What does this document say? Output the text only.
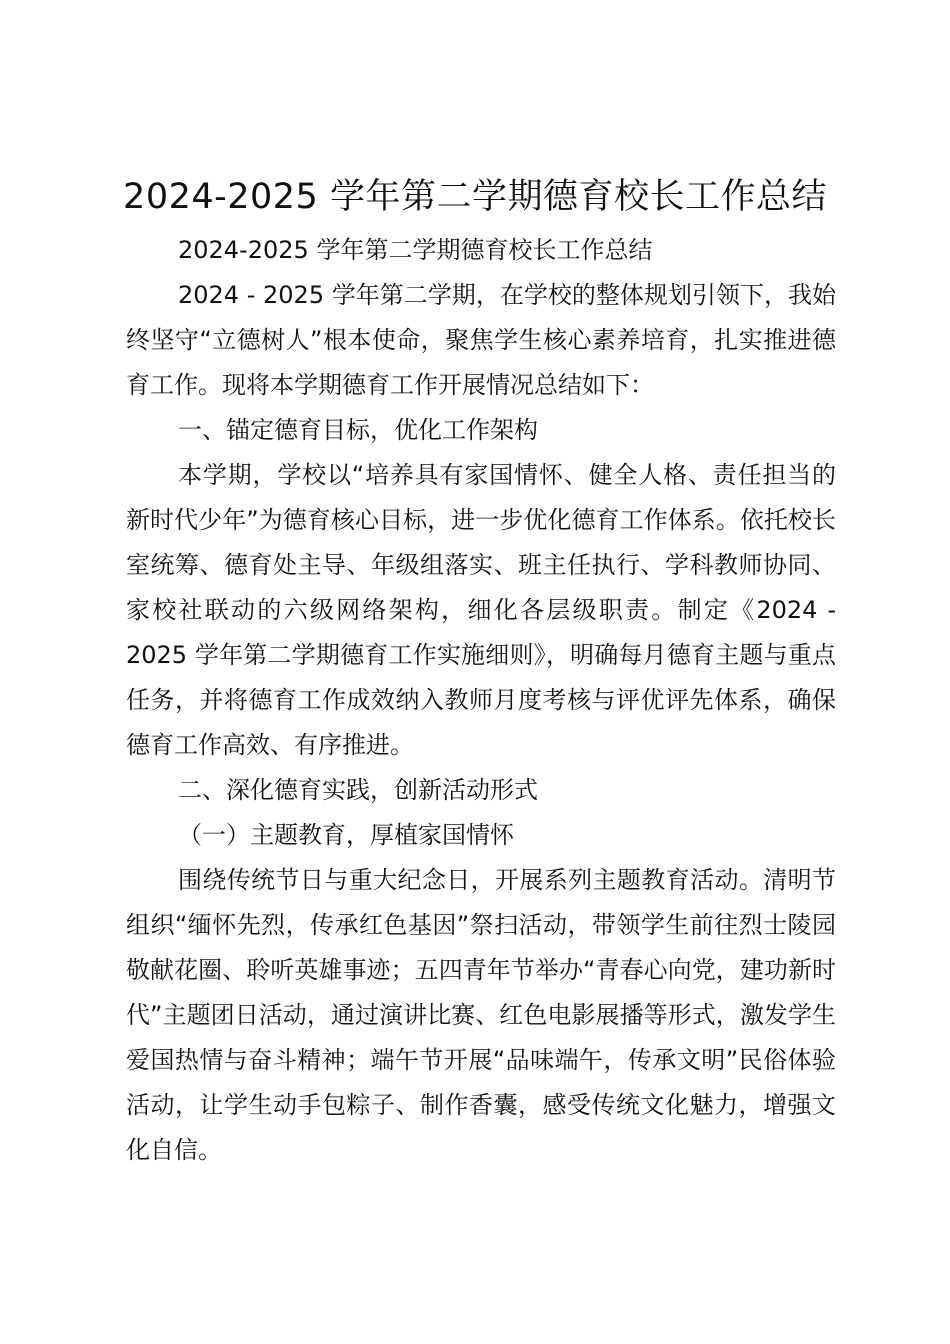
2024-2025 学年第二学期德育校长工作总结

2024-2025 学年第二学期德育校长工作总结

2024 - 2025 学年第二学期，在学校的整体规划引领下，我始终坚守“立德树人”根本使命，聚焦学生核心素养培育，扎实推进德育工作。现将本学期德育工作开展情况总结如下：

一、锚定德育目标，优化工作架构

本学期，学校以“培养具有家国情怀、健全人格、责任担当的新时代少年”为德育核心目标，进一步优化德育工作体系。依托校长室统筹、德育处主导、年级组落实、班主任执行、学科教师协同、家校社联动的六级网络架构，细化各层级职责。制定《2024 - 2025 学年第二学期德育工作实施细则》，明确每月德育主题与重点任务，并将德育工作成效纳入教师月度考核与评优评先体系，确保德育工作高效、有序推进。

二、深化德育实践，创新活动形式

（一）主题教育，厚植家国情怀

围绕传统节日与重大纪念日，开展系列主题教育活动。清明节组织“缅怀先烈，传承红色基因”祭扫活动，带领学生前往烈士陵园敬献花圈、聆听英雄事迹；五四青年节举办“青春心向党，建功新时代”主题团日活动，通过演讲比赛、红色电影展播等形式，激发学生爱国热情与奋斗精神；端午节开展“品味端午，传承文明”民俗体验活动，让学生动手包粽子、制作香囊，感受传统文化魅力，增强文化自信。
